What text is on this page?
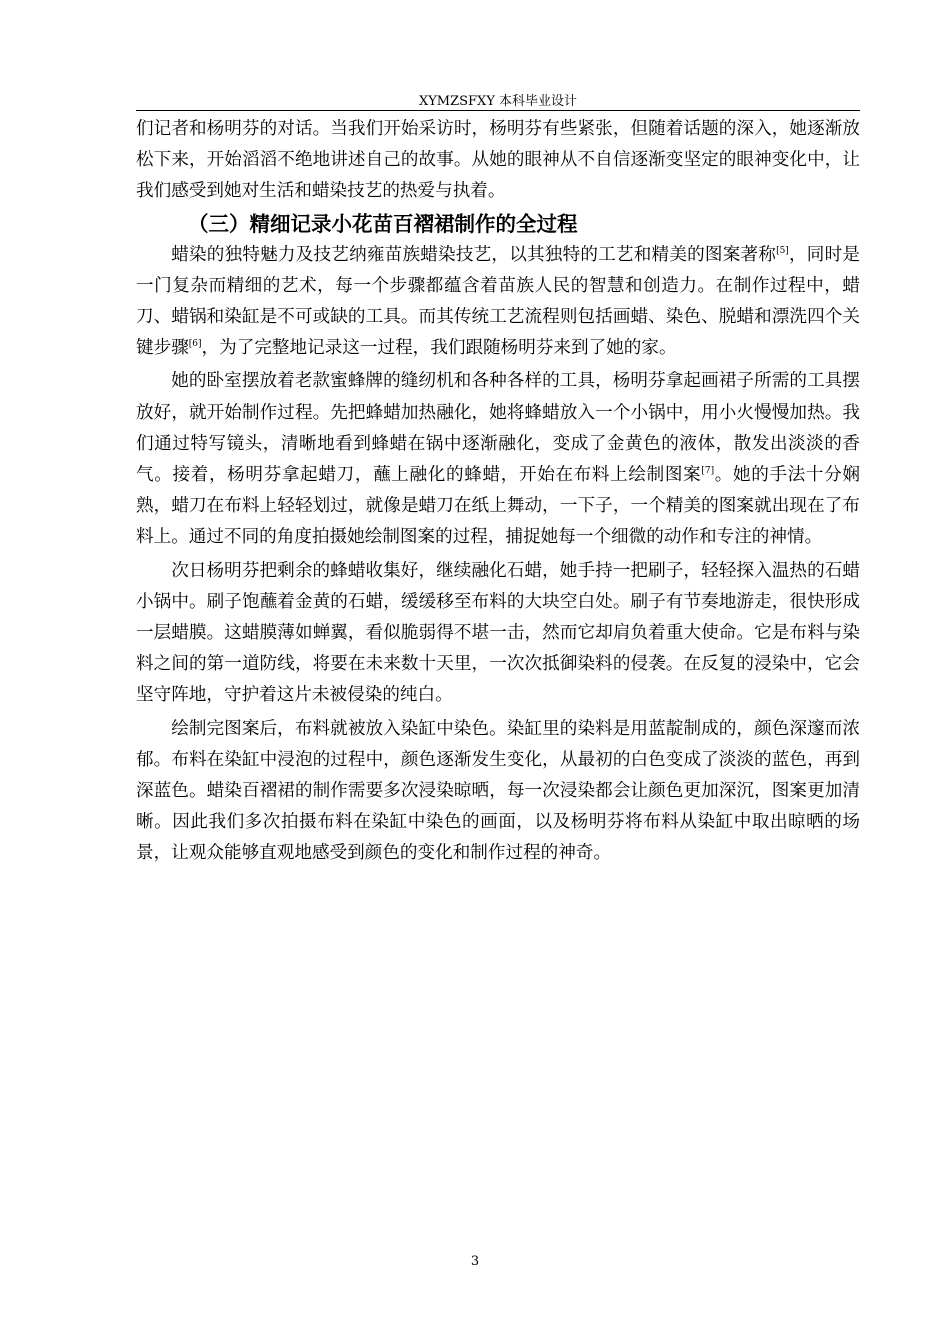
XYMZSFXY 本科毕业设计

们记者和杨明芬的对话。当我们开始采访时，杨明芬有些紧张，但随着话题的深入，她逐渐放松下来，开始滔滔不绝地讲述自己的故事。从她的眼神从不自信逐渐变坚定的眼神变化中，让我们感受到她对生活和蜡染技艺的热爱与执着。

（三）精细记录小花苗百褶裙制作的全过程

蜡染的独特魅力及技艺纳雍苗族蜡染技艺，以其独特的工艺和精美的图案著称[5]，同时是一门复杂而精细的艺术，每一个步骤都蕴含着苗族人民的智慧和创造力。在制作过程中，蜡刀、蜡锅和染缸是不可或缺的工具。而其传统工艺流程则包括画蜡、染色、脱蜡和漂洗四个关键步骤[6]，为了完整地记录这一过程，我们跟随杨明芬来到了她的家。

她的卧室摆放着老款蜜蜂牌的缝纫机和各种各样的工具，杨明芬拿起画裙子所需的工具摆放好，就开始制作过程。先把蜂蜡加热融化，她将蜂蜡放入一个小锅中，用小火慢慢加热。我们通过特写镜头，清晰地看到蜂蜡在锅中逐渐融化，变成了金黄色的液体，散发出淡淡的香气。接着，杨明芬拿起蜡刀，蘸上融化的蜂蜡，开始在布料上绘制图案[7]。她的手法十分娴熟，蜡刀在布料上轻轻划过，就像是蜡刀在纸上舞动，一下子，一个精美的图案就出现在了布料上。通过不同的角度拍摄她绘制图案的过程，捕捉她每一个细微的动作和专注的神情。

次日杨明芬把剩余的蜂蜡收集好，继续融化石蜡，她手持一把刷子，轻轻探入温热的石蜡小锅中。刷子饱蘸着金黄的石蜡，缓缓移至布料的大块空白处。刷子有节奏地游走，很快形成一层蜡膜。这蜡膜薄如蝉翼，看似脆弱得不堪一击，然而它却肩负着重大使命。它是布料与染料之间的第一道防线，将要在未来数十天里，一次次抵御染料的侵袭。在反复的浸染中，它会坚守阵地，守护着这片未被侵染的纯白。

绘制完图案后，布料就被放入染缸中染色。染缸里的染料是用蓝靛制成的，颜色深邃而浓郁。布料在染缸中浸泡的过程中，颜色逐渐发生变化，从最初的白色变成了淡淡的蓝色，再到深蓝色。蜡染百褶裙的制作需要多次浸染晾晒，每一次浸染都会让颜色更加深沉，图案更加清晰。因此我们多次拍摄布料在染缸中染色的画面，以及杨明芬将布料从染缸中取出晾晒的场景，让观众能够直观地感受到颜色的变化和制作过程的神奇。

3
